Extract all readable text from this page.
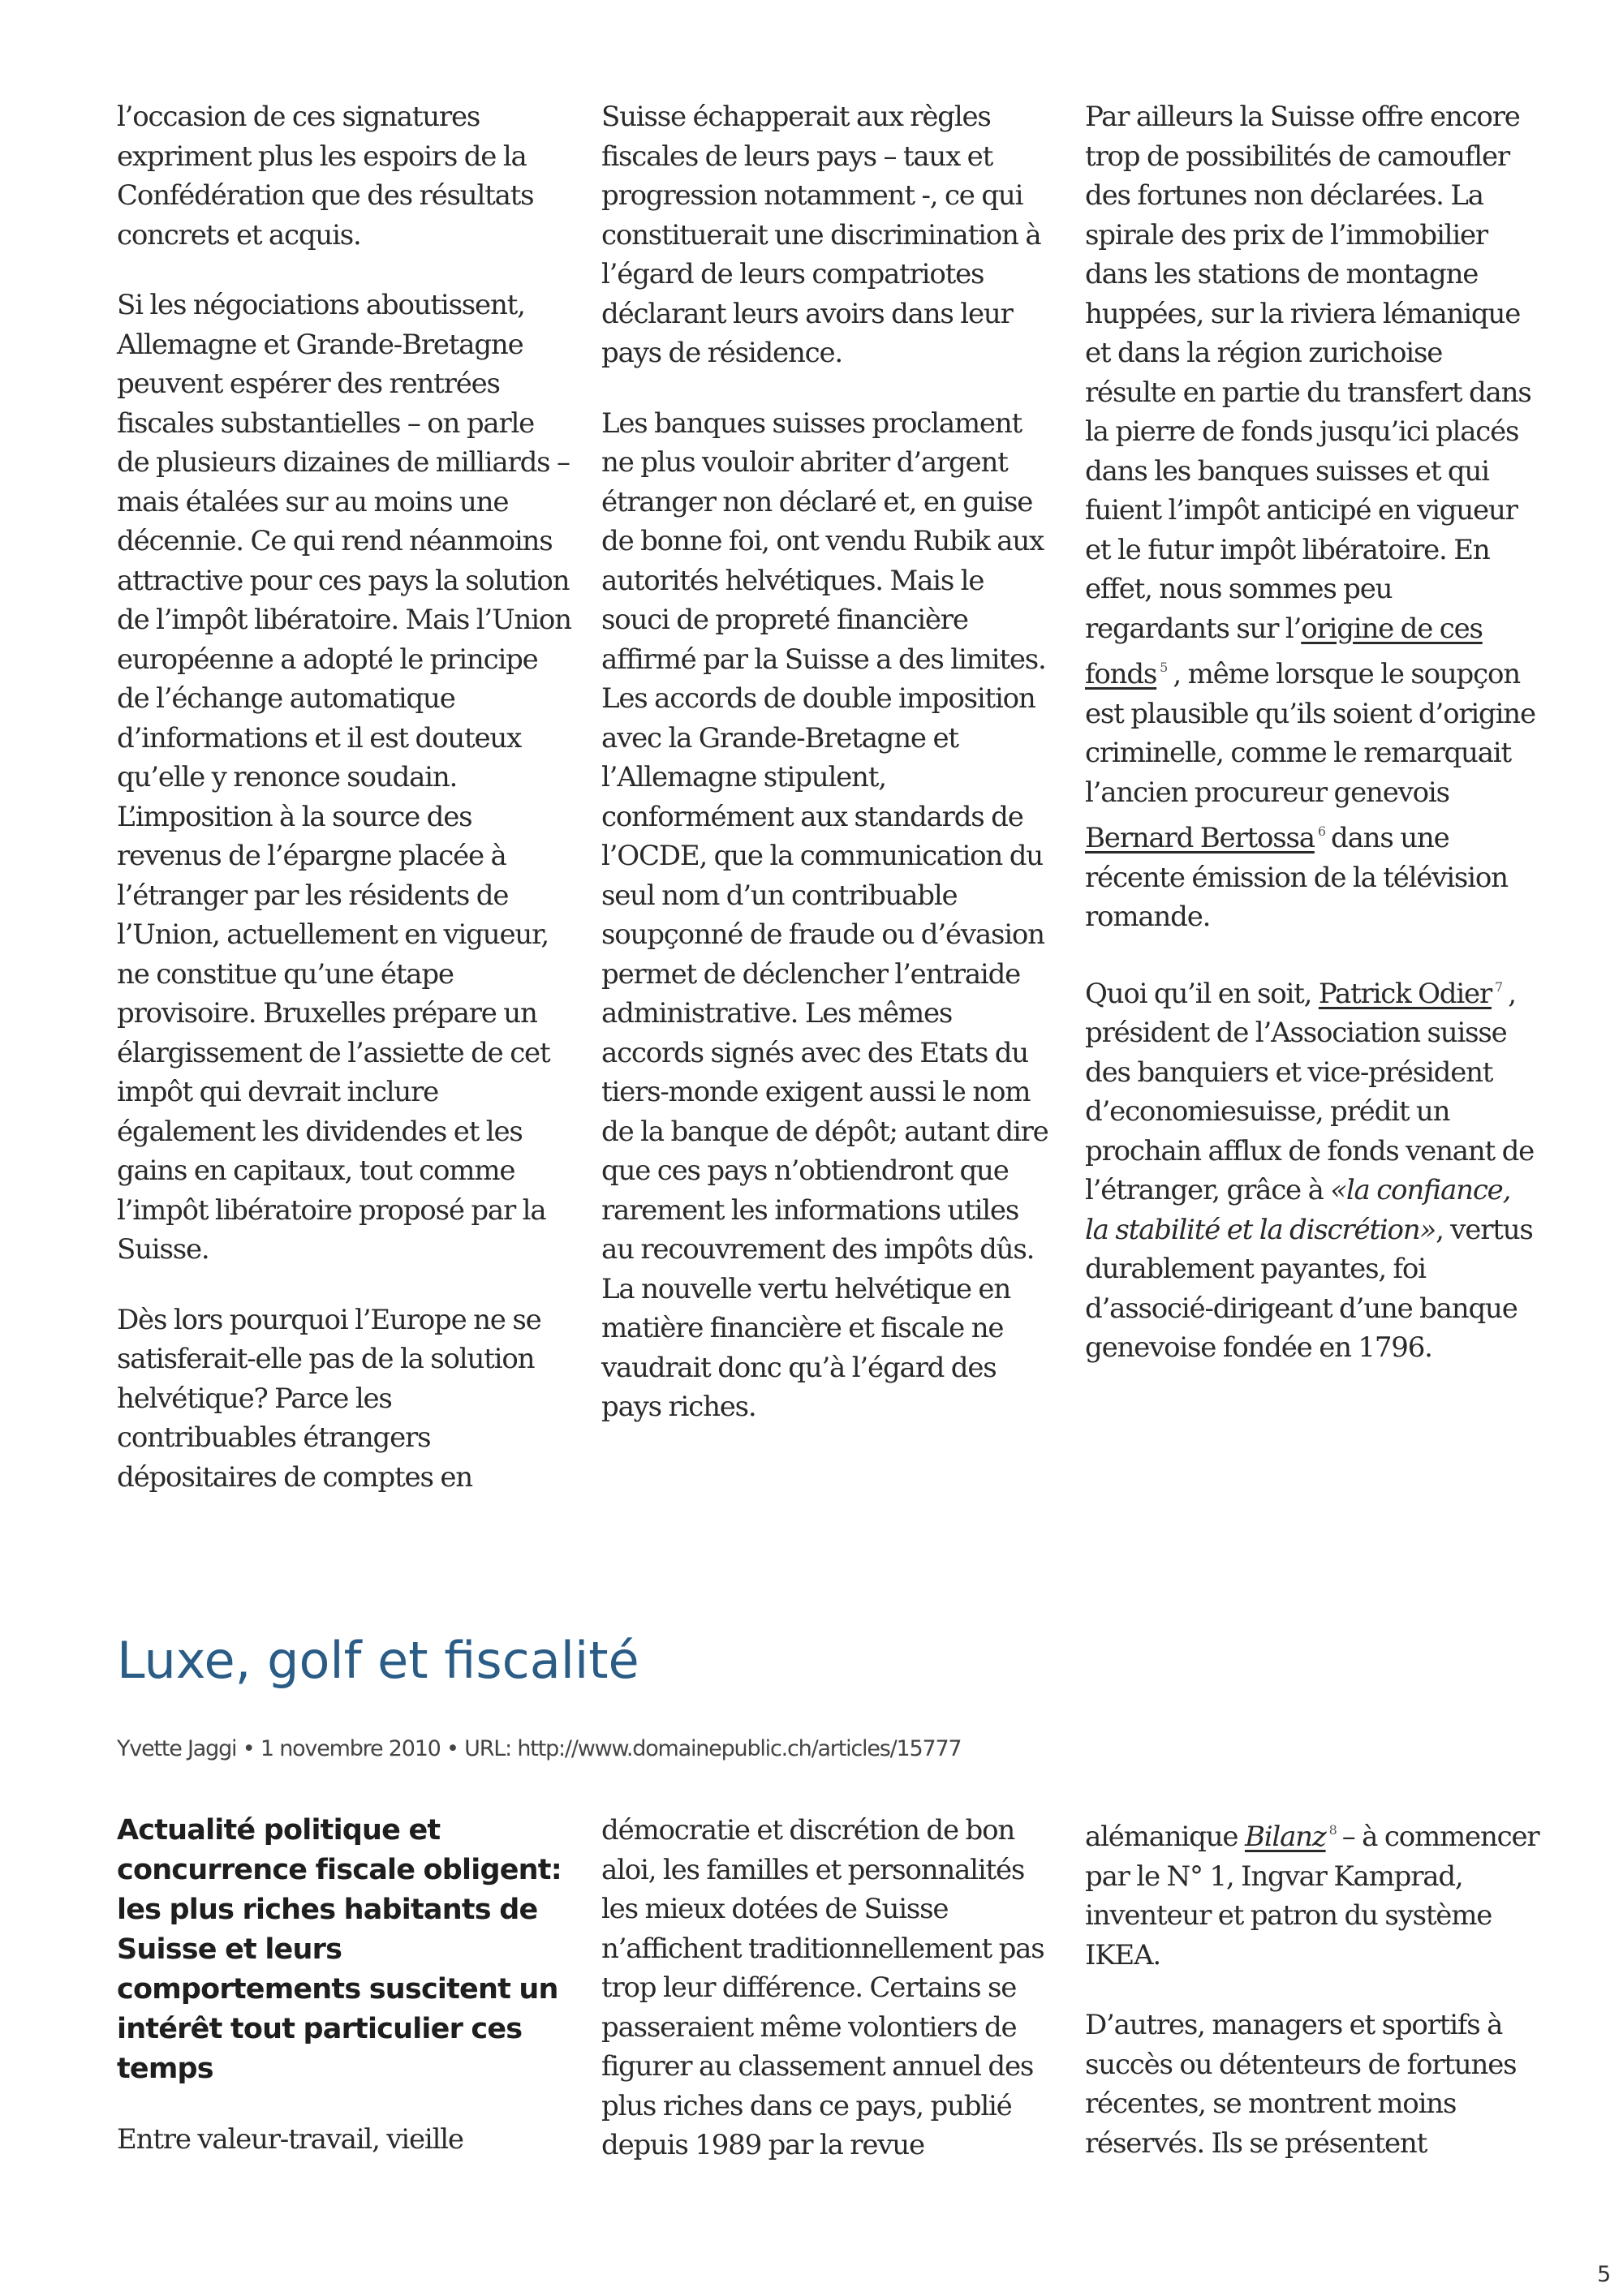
l’occasion de ces signatures expriment plus les espoirs de la Confédération que des résultats concrets et acquis.

Si les négociations aboutissent, Allemagne et Grande-Bretagne peuvent espérer des rentrées fiscales substantielles – on parle de plusieurs dizaines de milliards – mais étalées sur au moins une décennie. Ce qui rend néanmoins attractive pour ces pays la solution de l’impôt libératoire. Mais l’Union européenne a adopté le principe de l’échange automatique d’informations et il est douteux qu’elle y renonce soudain. L’imposition à la source des revenus de l’épargne placée à l’étranger par les résidents de l’Union, actuellement en vigueur, ne constitue qu’une étape provisoire. Bruxelles prépare un élargissement de l’assiette de cet impôt qui devrait inclure également les dividendes et les gains en capitaux, tout comme l’impôt libératoire proposé par la Suisse.

Dès lors pourquoi l’Europe ne se satisferait-elle pas de la solution helvétique? Parce les contribuables étrangers dépositaires de comptes en

Suisse échapperait aux règles fiscales de leurs pays – taux et progression notamment -, ce qui constituerait une discrimination à l’égard de leurs compatriotes déclarant leurs avoirs dans leur pays de résidence.

Les banques suisses proclament ne plus vouloir abriter d’argent étranger non déclaré et, en guise de bonne foi, ont vendu Rubik aux autorités helvétiques. Mais le souci de propreté financière affirmé par la Suisse a des limites. Les accords de double imposition avec la Grande-Bretagne et l’Allemagne stipulent, conformément aux standards de l’OCDE, que la communication du seul nom d’un contribuable soupçonné de fraude ou d’évasion permet de déclencher l’entraide administrative. Les mêmes accords signés avec des Etats du tiers-monde exigent aussi le nom de la banque de dépôt; autant dire que ces pays n’obtiendront que rarement les informations utiles au recouvrement des impôts dûs. La nouvelle vertu helvétique en matière financière et fiscale ne vaudrait donc qu’à l’égard des pays riches.

Par ailleurs la Suisse offre encore trop de possibilités de camoufler des fortunes non déclarées. La spirale des prix de l’immobilier dans les stations de montagne huppées, sur la riviera lémanique et dans la région zurichoise résulte en partie du transfert dans la pierre de fonds jusqu’ici placés dans les banques suisses et qui fuient l’impôt anticipé en vigueur et le futur impôt libératoire. En effet, nous sommes peu regardants sur l’origine de ces fonds $^5$ , même lorsque le soupçon est plausible qu’ils soient d’origine criminelle, comme le remarquait l’ancien procureur genevois Bernard Bertossa $^6$ dans une récente émission de la télévision romande.

Quoi qu’il en soit, Patrick Odier $^7$ , président de l’Association suisse des banquiers et vice-président d’economiesuisse, prédit un prochain afflux de fonds venant de l’étranger, grâce à «la confiance, la stabilité et la discrétion», vertus durablement payantes, foi d’associé-dirigeant d’une banque genevoise fondée en 1796.

Luxe, golf et fiscalité
Yvette Jaggi • 1 novembre 2010 • URL: http://www.domainepublic.ch/articles/15777

Actualité politique et concurrence fiscale obligent: les plus riches habitants de Suisse et leurs comportements suscitent un intérêt tout particulier ces temps

Entre valeur-travail, vieille

démocratie et discrétion de bon aloi, les familles et personnalités les mieux dotées de Suisse n’affichent traditionnellement pas trop leur différence. Certains se passeraient même volontiers de figurer au classement annuel des plus riches dans ce pays, publié depuis 1989 par la revue

alémanique Bilanz $^8$ – à commencer par le N° 1, Ingvar Kamprad, inventeur et patron du système IKEA.

D’autres, managers et sportifs à succès ou détenteurs de fortunes récentes, se montrent moins réservés. Ils se présentent

5
